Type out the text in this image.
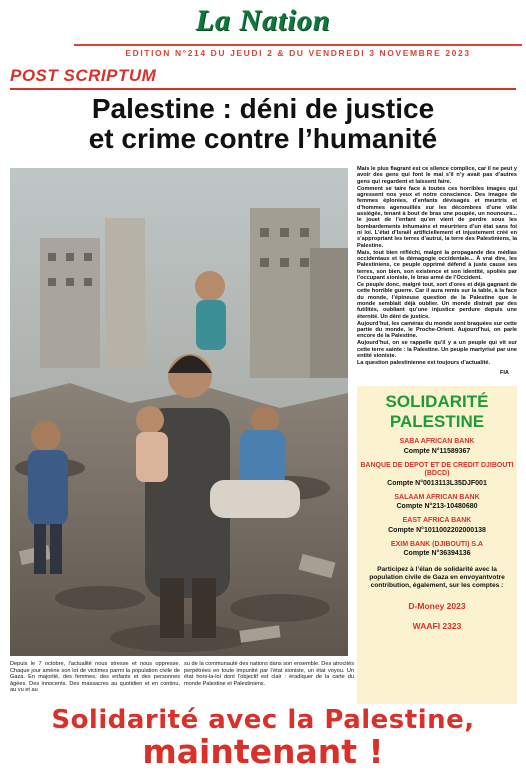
La Nation
EDITION N°214 DU JEUDI 2 & DU VENDREDI 3 NOVEMBRE 2023
POST SCRIPTUM
Palestine : déni de justice
et crime contre l’humanité

Mais le plus flagrant est ce silence complice, car il ne peut y avoir des gens qui font le mal s’il n’y avait pas d’autres gens qui regardent et laissent faire.

Comment se taire face à toutes ces horribles images qui agressent nos yeux et notre conscience. Des images de femmes éplorées, d’enfants dévisagés et meurtris et d’hommes agenouillés sur les décombres d’une ville assiégée, tenant à bout de bras une poupée, un nounours... le jouet de l’enfant qu’en vient de perdre sous les bombardements inhumains et meurtriers d’un état sans foi ni loi. L’état d’Israël artificiellement et injustement créé en s’appropriant les terres d’autrui, la terre des Palestiniens, la Palestine.

Mais, tout bien réfléchi, malgré la propagande des médias occidentaux et la démagogie occidentale... À vrai dire, les Palestiniens, ce peuple opprimé défend à juste cause ses terres, son bien, son existence et son identité, spoliés par l’occupant sioniste, le bras armé de l’Occident.

Ce peuple donc, malgré tout, sort d’ores et déjà gagnant de cette horrible guerre. Car il aura remis sur la table, à la face du monde, l’épineuse question de la Palestine que le monde semblait déjà oublier. Un monde distrait par des futilités, oubliant qu’une injustice perdure depuis une éternité. Un déni de justice.

Aujourd’hui, les caméras du monde sont braquées sur cette partie du monde, le Proche-Orient. Aujourd’hui, on parle encore de la Palestine.

Aujourd’hui, on se rappelle qu’il y a un peuple qui vit sur cette terre sainte : la Palestine. Un peuple martyrisé par une entité sioniste.

La question palestinienne est toujours d’actualité.

FIA
SOLIDARITÉ
PALESTINE
SABA AFRICAN BANK
Compte N°11589367
BANQUE DE DEPOT ET DE CREDIT DJIBOUTI (BDCD)
Compte N°0013113L35DJF001
SALAAM AFRICAN BANK
Compte N°213-10480680
EAST AFRICA BANK
Compte N°1011002202000138
EXIM BANK (DJIBOUTI) S.A
Compte N°36394136
Participez à l’élan de solidarité avec la population civile de Gaza en envoyantvotre contribution, également, sur les comptes :
D-Money 2023
WAAFI 2323
Depuis le 7 octobre, l’actualité nous stresse et nous oppresse. Chaque jour amène son lot de victimes parmi la population civile de Gaza. En majorité, des femmes, des enfants et des personnes âgées. Des innocents. Des massacres au quotidien et en continu, au vu et au
su de la communauté des nations dans son ensemble. Des atrocités perpétrées en toute impunité par l’état sioniste, un état voyou. Un état hors-la-loi dont l’objectif est clair : éradiquer de la carte du monde Palestine et Palestiniens.
Solidarité avec la Palestine,
maintenant !
